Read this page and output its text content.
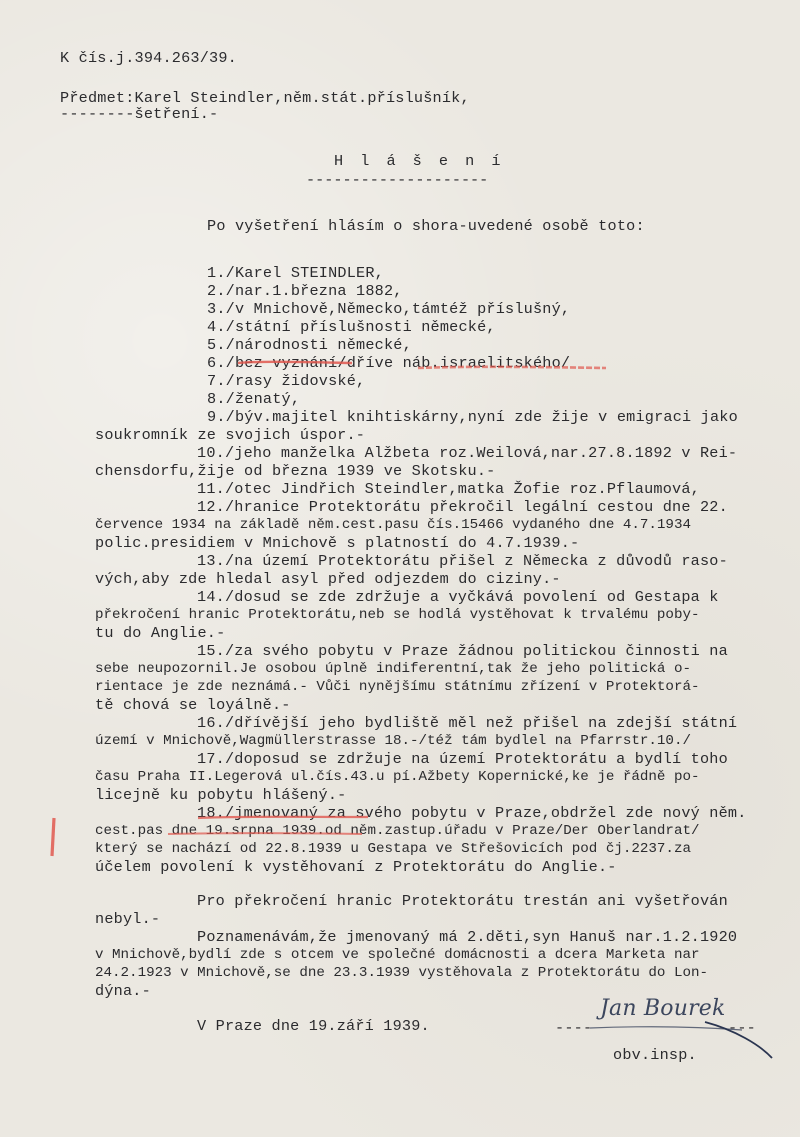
K čís.j.394.263/39.
Předmet:Karel Steindler,něm.stát.příslušník,
--------šetření.-
H l á š e n í
--------------------
Po vyšetření hlásím o shora-uvedené osobě toto:
1./Karel STEINDLER,
2./nar.1.března 1882,
3./v Mnichově,Německo,támtéž příslušný,
4./státní příslušnosti německé,
5./národnosti německé,
6./bez vyznání/dříve náb.israelitského/
7./rasy židovské,
8./ženatý,
9./býv.majitel knihtiskárny,nyní zde žije v emigraci jako
soukromník ze svojich úspor.-
10./jeho manželka Alžbeta roz.Weilová,nar.27.8.1892 v Rei-
chensdorfu,žije od března 1939 ve Skotsku.-
11./otec Jindřich Steindler,matka Žofie roz.Pflaumová,
12./hranice Protektorátu překročil legální cestou dne 22.
července 1934 na základě něm.cest.pasu čís.15466 vydaného dne 4.7.1934
polic.presidiem v Mnichově s platností do 4.7.1939.-
13./na území Protektorátu přišel z Německa z důvodů raso-
vých,aby zde hledal asyl před odjezdem do ciziny.-
14./dosud se zde zdržuje a vyčkává povolení od Gestapa k
překročení hranic Protektorátu,neb se hodlá vystěhovat k trvalému poby-
tu do Anglie.-
15./za svého pobytu v Praze žádnou politickou činnosti na
sebe neupozornil.Je osobou úplně indiferentní,tak že jeho politická o-
rientace je zde neznámá.- Vůči nynějšímu státnímu zřízení v Protektorá-
tě chová se loyálně.-
16./dřívější jeho bydliště měl než přišel na zdejší státní
území v Mnichově,Wagmüllerstrasse 18.-/též tám bydlel na Pfarrstr.10./
17./doposud se zdržuje na území Protektorátu a bydlí toho
času Praha II.Legerová ul.čís.43.u pí.Ažbety Kopernické,ke je řádně po-
licejně ku pobytu hlášený.-
18./jmenovaný za svého pobytu v Praze,obdržel zde nový něm.
cest.pas dne 19.srpna 1939.od něm.zastup.úřadu v Praze/Der Oberlandrat/
který se nachází od 22.8.1939 u Gestapa ve Střešovicích pod čj.2237.za
účelem povolení k vystěhovaní z Protektorátu do Anglie.-
Pro překročení hranic Protektorátu trestán ani vyšetřován
nebyl.-
Poznamenávám,že jmenovaný má 2.děti,syn Hanuš nar.1.2.1920
v Mnichově,bydlí zde s otcem ve společné domácnosti a dcera Marketa nar
24.2.1923 v Mnichově,se dne 23.3.1939 vystěhovala z Protektorátu do Lon-
dýna.-
V Praze dne 19.září 1939.	----	---
obv.insp.
Jan Bourek
